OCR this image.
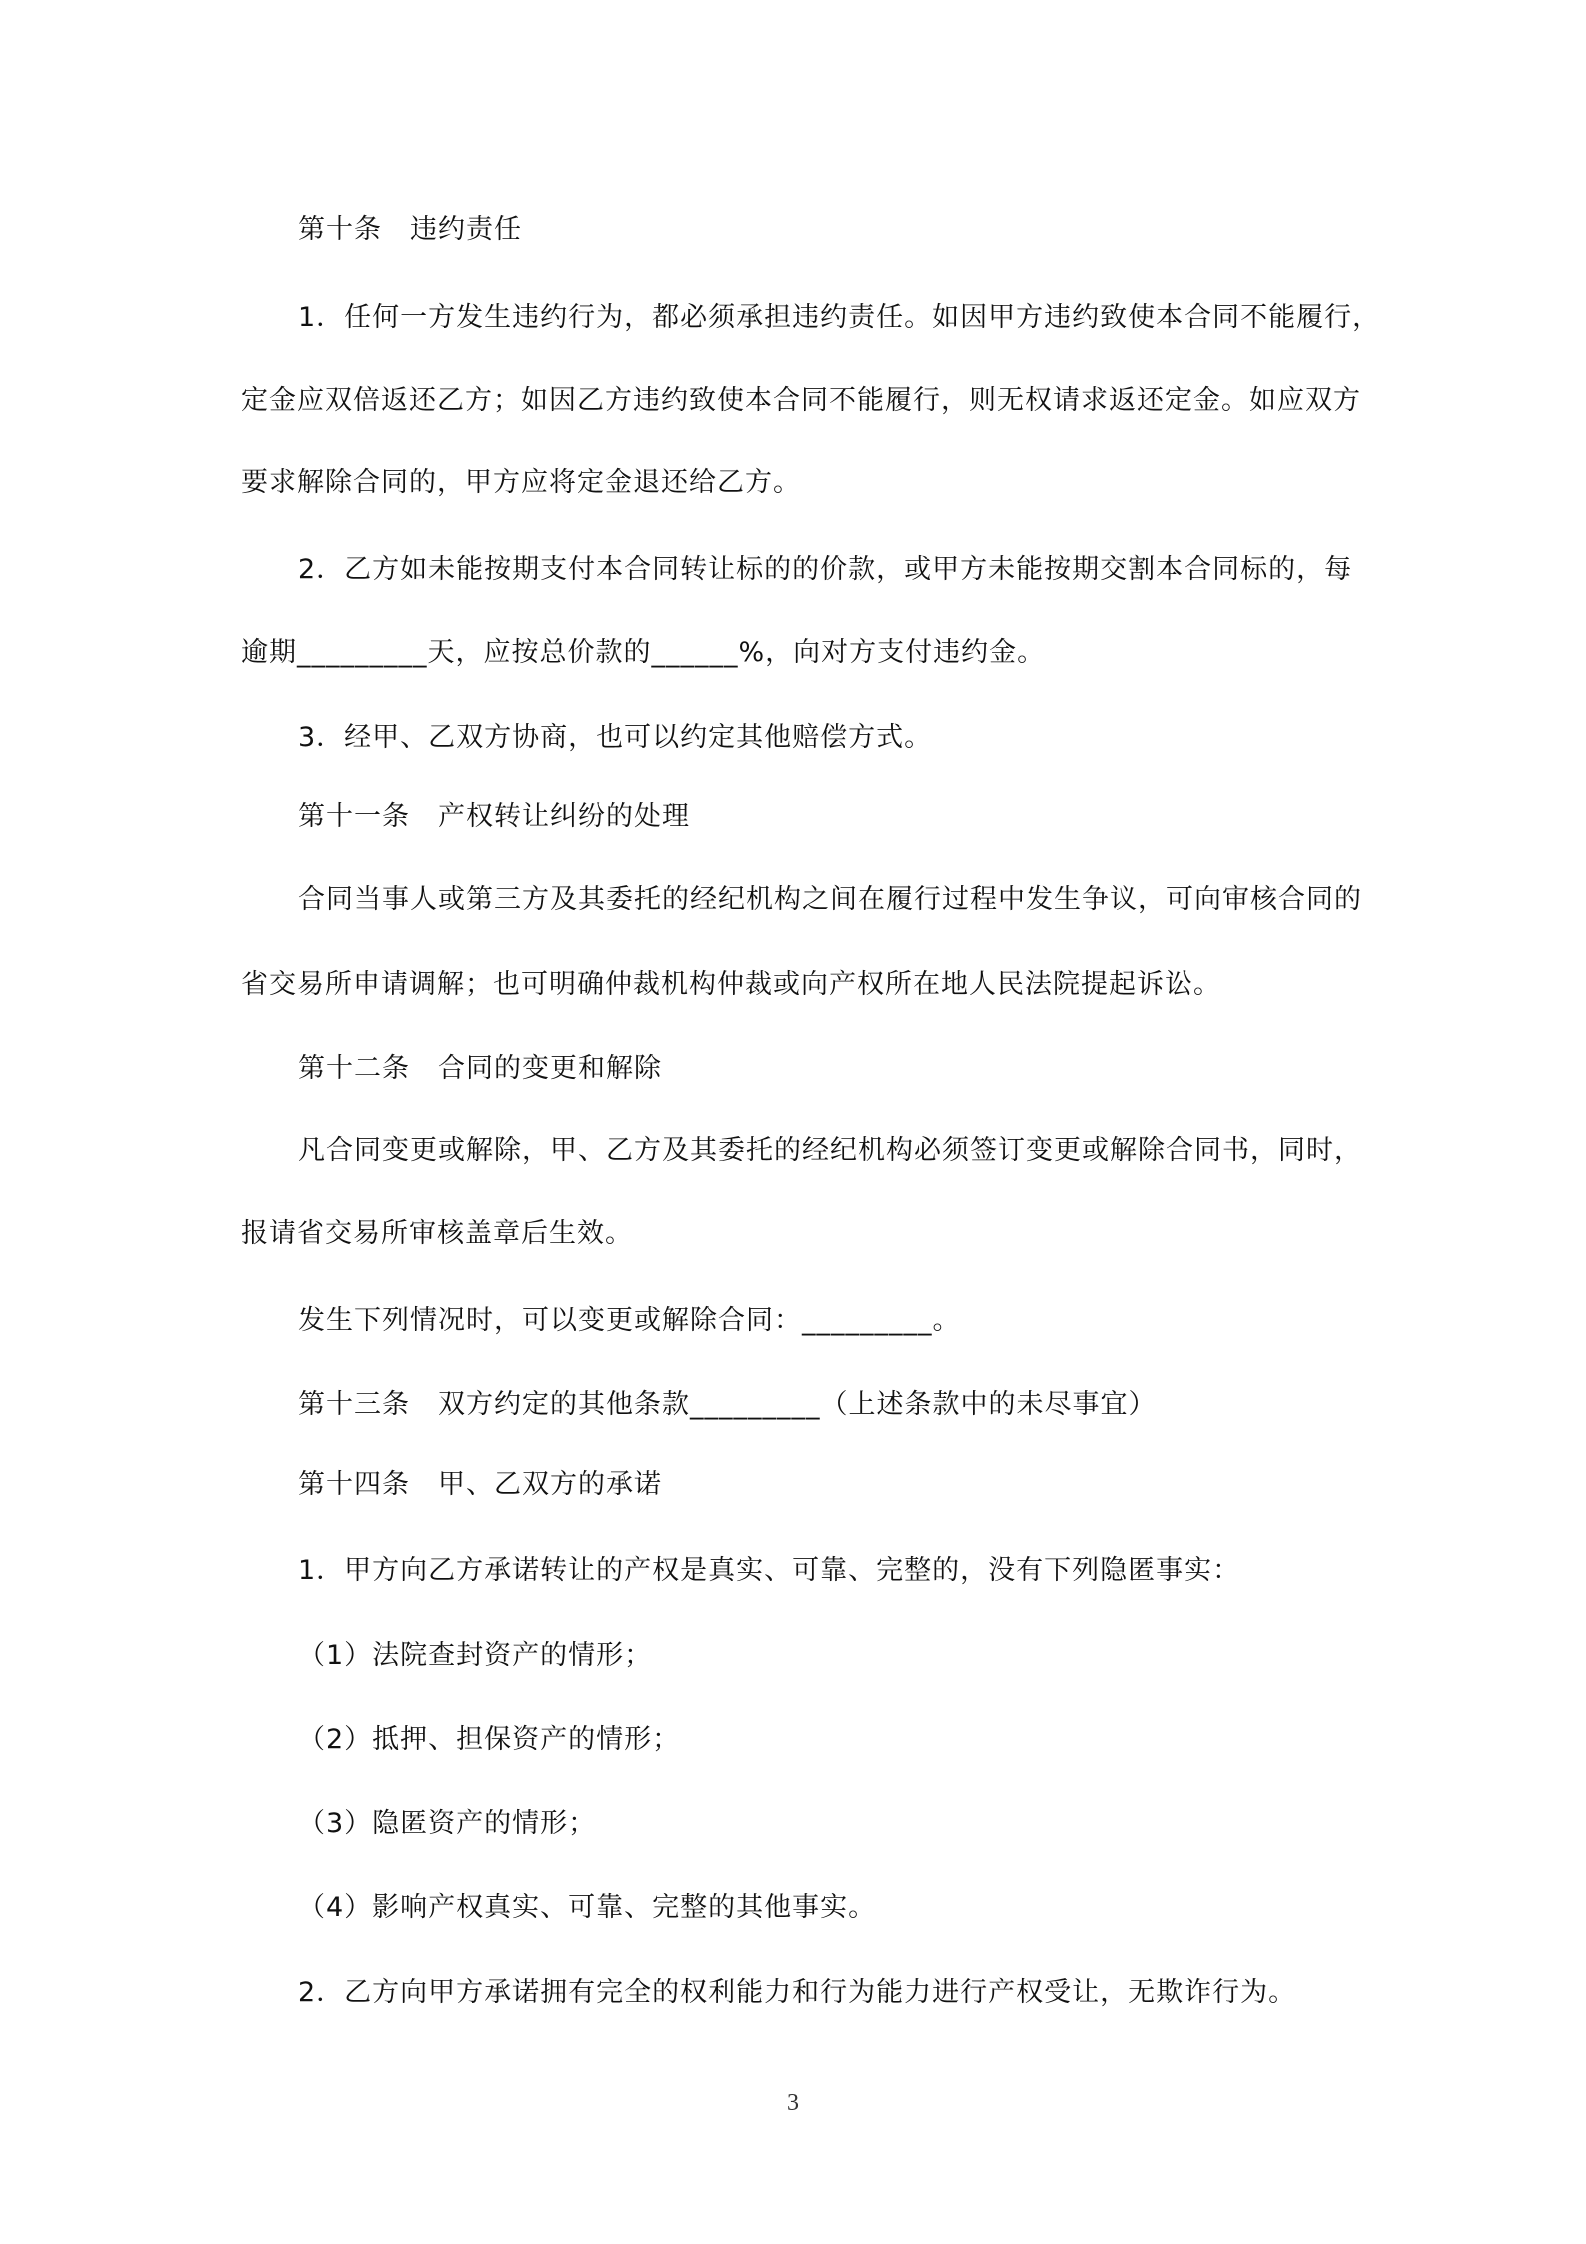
第十条　违约责任
1．任何一方发生违约行为，都必须承担违约责任。如因甲方违约致使本合同不能履行，
定金应双倍返还乙方；如因乙方违约致使本合同不能履行，则无权请求返还定金。如应双方
要求解除合同的，甲方应将定金退还给乙方。
2．乙方如未能按期支付本合同转让标的的价款，或甲方未能按期交割本合同标的，每
逾期_________天，应按总价款的______%，向对方支付违约金。
3．经甲、乙双方协商，也可以约定其他赔偿方式。
第十一条　产权转让纠纷的处理
合同当事人或第三方及其委托的经纪机构之间在履行过程中发生争议，可向审核合同的
省交易所申请调解；也可明确仲裁机构仲裁或向产权所在地人民法院提起诉讼。
第十二条　合同的变更和解除
凡合同变更或解除，甲、乙方及其委托的经纪机构必须签订变更或解除合同书，同时，
报请省交易所审核盖章后生效。
发生下列情况时，可以变更或解除合同：_________。
第十三条　双方约定的其他条款_________（上述条款中的未尽事宜）
第十四条　甲、乙双方的承诺
1．甲方向乙方承诺转让的产权是真实、可靠、完整的，没有下列隐匿事实：
（1）法院查封资产的情形；
（2）抵押、担保资产的情形；
（3）隐匿资产的情形；
（4）影响产权真实、可靠、完整的其他事实。
2．乙方向甲方承诺拥有完全的权利能力和行为能力进行产权受让，无欺诈行为。
3
